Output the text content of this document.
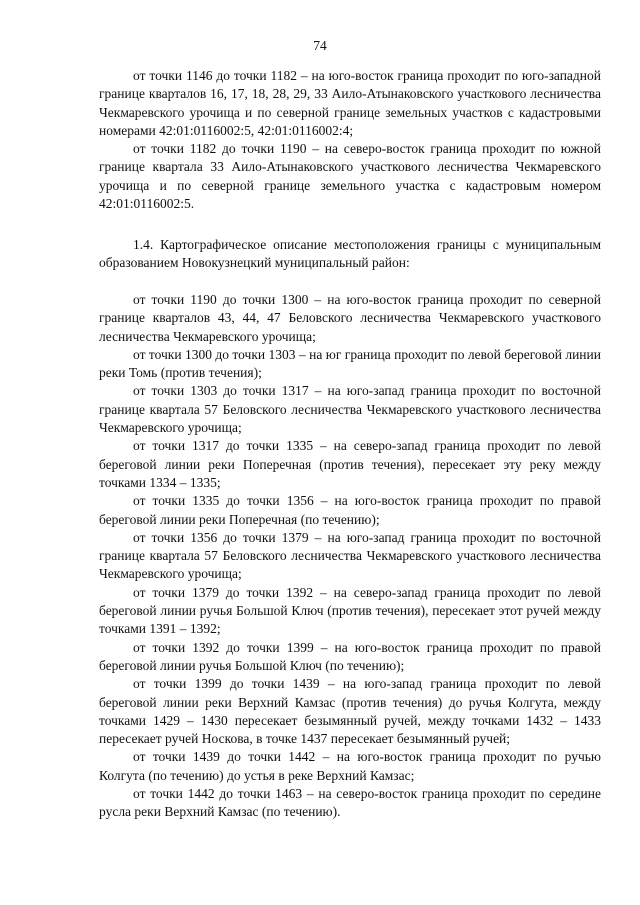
74

от точки 1146 до точки 1182 – на юго-восток граница проходит по юго-западной границе кварталов 16, 17, 18, 28, 29, 33 Аило-Атынаковского участкового лесничества Чекмаревского урочища и по северной границе земельных участков с кадастровыми номерами 42:01:0116002:5, 42:01:0116002:4;

от точки 1182 до точки 1190 – на северо-восток граница проходит по южной границе квартала 33 Аило-Атынаковского участкового лесничества Чекмаревского урочища и по северной границе земельного участка с кадастровым номером 42:01:0116002:5.

1.4. Картографическое описание местоположения границы с муниципальным образованием Новокузнецкий муниципальный район:

от точки 1190 до точки 1300 – на юго-восток граница проходит по северной границе кварталов 43, 44, 47 Беловского лесничества Чекмаревского участкового лесничества Чекмаревского урочища;

от точки 1300 до точки 1303 – на юг граница проходит по левой береговой линии реки Томь (против течения);

от точки 1303 до точки 1317 – на юго-запад граница проходит по восточной границе квартала 57 Беловского лесничества Чекмаревского участкового лесничества Чекмаревского урочища;

от точки 1317 до точки 1335 – на северо-запад граница проходит по левой береговой линии реки Поперечная (против течения), пересекает эту реку между точками 1334 – 1335;

от точки 1335 до точки 1356 – на юго-восток граница проходит по правой береговой линии реки Поперечная (по течению);

от точки 1356 до точки 1379 – на юго-запад граница проходит по восточной границе квартала 57 Беловского лесничества Чекмаревского участкового лесничества Чекмаревского урочища;

от точки 1379 до точки 1392 – на северо-запад граница проходит по левой береговой линии ручья Большой Ключ (против течения), пересекает этот ручей между точками 1391 – 1392;

от точки 1392 до точки 1399 – на юго-восток граница проходит по правой береговой линии ручья Большой Ключ (по течению);

от точки 1399 до точки 1439 – на юго-запад граница проходит по левой береговой линии реки Верхний Камзас (против течения) до ручья Колгута, между точками 1429 – 1430 пересекает безымянный ручей, между точками 1432 – 1433 пересекает ручей Носкова, в точке 1437 пересекает безымянный ручей;

от точки 1439 до точки 1442 – на юго-восток граница проходит по ручью Колгута (по течению) до устья в реке Верхний Камзас;

от точки 1442 до точки 1463 – на северо-восток граница проходит по середине русла реки Верхний Камзас (по течению).
